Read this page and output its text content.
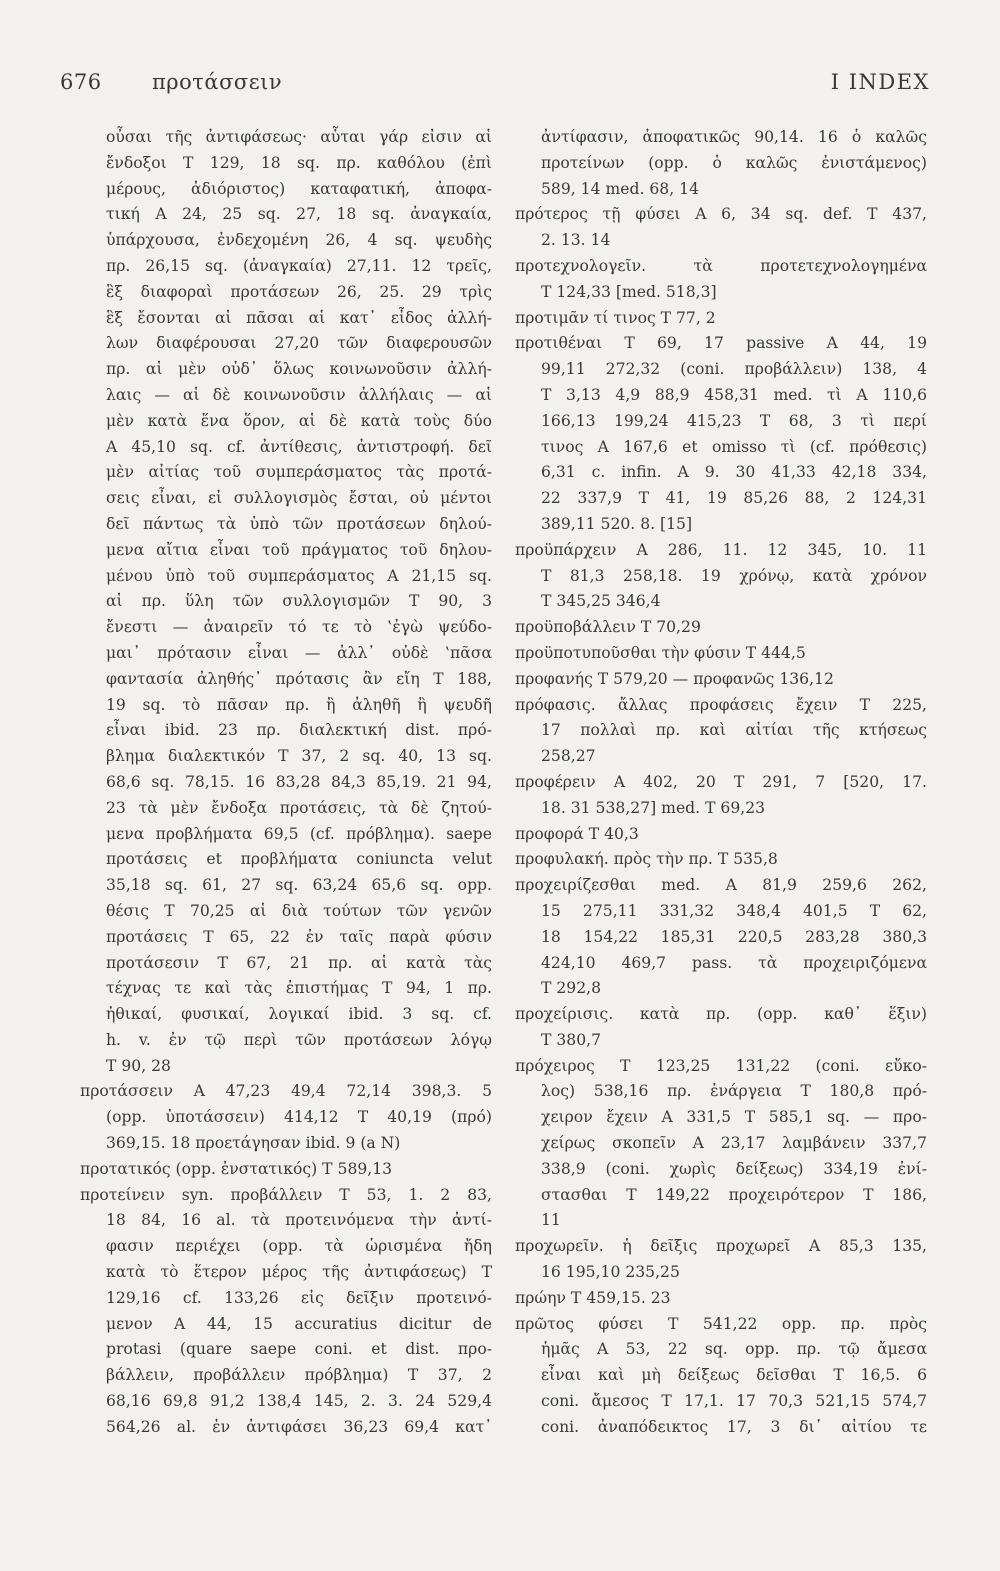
676 προτάσσειν	I INDEX
οὖσαι τῆς ἀντιφάσεως· αὗται γάρ εἰσιν αἱ
ἔνδοξοι Τ 129, 18 sq. πρ. καθόλου (ἐπὶ
μέρους, ἀδιόριστος) καταφατική, ἀποφα-
τική Α 24, 25 sq. 27, 18 sq. ἀναγκαία,
ὑπάρχουσα, ἐνδεχομένη 26, 4 sq. ψευδὴς
πρ. 26,15 sq. (ἀναγκαία) 27,11. 12 τρεῖς,
ἓξ διαφοραὶ προτάσεων 26, 25. 29 τρὶς
ἓξ ἔσονται αἱ πᾶσαι αἱ κατ᾽ εἶδος ἀλλή-
λων διαφέρουσαι 27,20 τῶν διαφερουσῶν
πρ. αἱ μὲν οὐδ᾽ ὅλως κοινωνοῦσιν ἀλλή-
λαις — αἱ δὲ κοινωνοῦσιν ἀλλήλαις — αἱ
μὲν κατὰ ἕνα ὅρον, αἱ δὲ κατὰ τοὺς δύο
Α 45,10 sq. cf. ἀντίθεσις, ἀντιστροφή. δεῖ
μὲν αἰτίας τοῦ συμπεράσματος τὰς προτά-
σεις εἶναι, εἰ συλλογισμὸς ἔσται, οὐ μέντοι
δεῖ πάντως τὰ ὑπὸ τῶν προτάσεων δηλού-
μενα αἴτια εἶναι τοῦ πράγματος τοῦ δηλου-
μένου ὑπὸ τοῦ συμπεράσματος Α 21,15 sq.
αἱ πρ. ὕλη τῶν συλλογισμῶν Τ 90, 3
ἔνεστι — ἀναιρεῖν τό τε τὸ ‛ἐγὼ ψεύδο-
μαι᾽ πρότασιν εἶναι — ἀλλ᾽ οὐδὲ ‛πᾶσα
φαντασία ἀληθής᾽ πρότασις ἂν εἴη Τ 188,
19 sq. τὸ πᾶσαν πρ. ἢ ἀληθῆ ἢ ψευδῆ
εἶναι ibid. 23 πρ. διαλεκτική dist. πρό-
βλημα διαλεκτικόν Τ 37, 2 sq. 40, 13 sq.
68,6 sq. 78,15. 16 83,28 84,3 85,19. 21 94,
23 τὰ μὲν ἔνδοξα προτάσεις, τὰ δὲ ζητού-
μενα προβλήματα 69,5 (cf. πρόβλημα). saepe
προτάσεις et προβλήματα coniuncta velut
35,18 sq. 61, 27 sq. 63,24 65,6 sq. opp.
θέσις Τ 70,25 αἱ διὰ τούτων τῶν γενῶν
προτάσεις Τ 65, 22 ἐν ταῖς παρὰ φύσιν
προτάσεσιν Τ 67, 21 πρ. αἱ κατὰ τὰς
τέχνας τε καὶ τὰς ἐπιστήμας Τ 94, 1 πρ.
ἠθικαί, φυσικαί, λογικαί ibid. 3 sq. cf.
h. v. ἐν τῷ περὶ τῶν προτάσεων λόγῳ
Τ 90, 28
προτάσσειν Α 47,23 49,4 72,14 398,3. 5
(opp. ὑποτάσσειν) 414,12 Τ 40,19 (πρό)
369,15. 18 προετάγησαν ibid. 9 (a N)
προτατικός (opp. ἐνστατικός) Τ 589,13
προτείνειν syn. προβάλλειν Τ 53, 1. 2 83,
18 84, 16 al. τὰ προτεινόμενα τὴν ἀντί-
φασιν περιέχει (opp. τὰ ὡρισμένα ἤδη
κατὰ τὸ ἕτερον μέρος τῆς ἀντιφάσεως) Τ
129,16 cf. 133,26 εἰς δεῖξιν προτεινό-
μενον Α 44, 15 accuratius dicitur de
protasi (quare saepe coni. et dist. προ-
βάλλειν, προβάλλειν πρόβλημα) Τ 37, 2
68,16 69,8 91,2 138,4 145, 2. 3. 24 529,4
564,26 al. ἐν ἀντιφάσει 36,23 69,4 κατ᾽
ἀντίφασιν, ἀποφατικῶς 90,14. 16 ὁ καλῶς
προτείνων (opp. ὁ καλῶς ἐνιστάμενος)
589, 14 med. 68, 14
πρότερος τῇ φύσει Α 6, 34 sq. def. Τ 437,
2. 13. 14
προτεχνολογεῖν. τὰ προτετεχνολογημένα
Τ 124,33 [med. 518,3]
προτιμᾶν τί τινος Τ 77, 2
προτιθέναι Τ 69, 17 passive Α 44, 19
99,11 272,32 (coni. προβάλλειν) 138, 4
Τ 3,13 4,9 88,9 458,31 med. τὶ Α 110,6
166,13 199,24 415,23 Τ 68, 3 τὶ περί
τινος Α 167,6 et omisso τὶ (cf. πρόθεσις)
6,31 c. infin. Α 9. 30 41,33 42,18 334,
22 337,9 Τ 41, 19 85,26 88, 2 124,31
389,11 520. 8. [15]
προϋπάρχειν Α 286, 11. 12 345, 10. 11
Τ 81,3 258,18. 19 χρόνῳ, κατὰ χρόνον
Τ 345,25 346,4
προϋποβάλλειν Τ 70,29
προϋποτυποῦσθαι τὴν φύσιν Τ 444,5
προφανής Τ 579,20 — προφανῶς 136,12
πρόφασις. ἄλλας προφάσεις ἔχειν Τ 225,
17 πολλαὶ πρ. καὶ αἰτίαι τῆς κτήσεως
258,27
προφέρειν Α 402, 20 Τ 291, 7 [520, 17.
18. 31 538,27] med. Τ 69,23
προφορά Τ 40,3
προφυλακή. πρὸς τὴν πρ. Τ 535,8
προχειρίζεσθαι med. Α 81,9 259,6 262,
15 275,11 331,32 348,4 401,5 Τ 62,
18 154,22 185,31 220,5 283,28 380,3
424,10 469,7 pass. τὰ προχειριζόμενα
Τ 292,8
προχείρισις. κατὰ πρ. (opp. καθ᾽ ἕξιν)
Τ 380,7
πρόχειρος Τ 123,25 131,22 (coni. εὔκο-
λος) 538,16 πρ. ἐνάργεια Τ 180,8 πρό-
χειρον ἔχειν Α 331,5 Τ 585,1 sq. — προ-
χείρως σκοπεῖν Α 23,17 λαμβάνειν 337,7
338,9 (coni. χωρὶς δείξεως) 334,19 ἐνί-
στασθαι Τ 149,22 προχειρότερον Τ 186,
11
προχωρεῖν. ἡ δεῖξις προχωρεῖ Α 85,3 135,
16 195,10 235,25
πρώην Τ 459,15. 23
πρῶτος φύσει Τ 541,22 opp. πρ. πρὸς
ἡμᾶς Α 53, 22 sq. opp. πρ. τῷ ἄμεσα
εἶναι καὶ μὴ δείξεως δεῖσθαι Τ 16,5. 6
coni. ἄμεσος Τ 17,1. 17 70,3 521,15 574,7
coni. ἀναπόδεικτος 17, 3 δι᾽ αἰτίου τε
